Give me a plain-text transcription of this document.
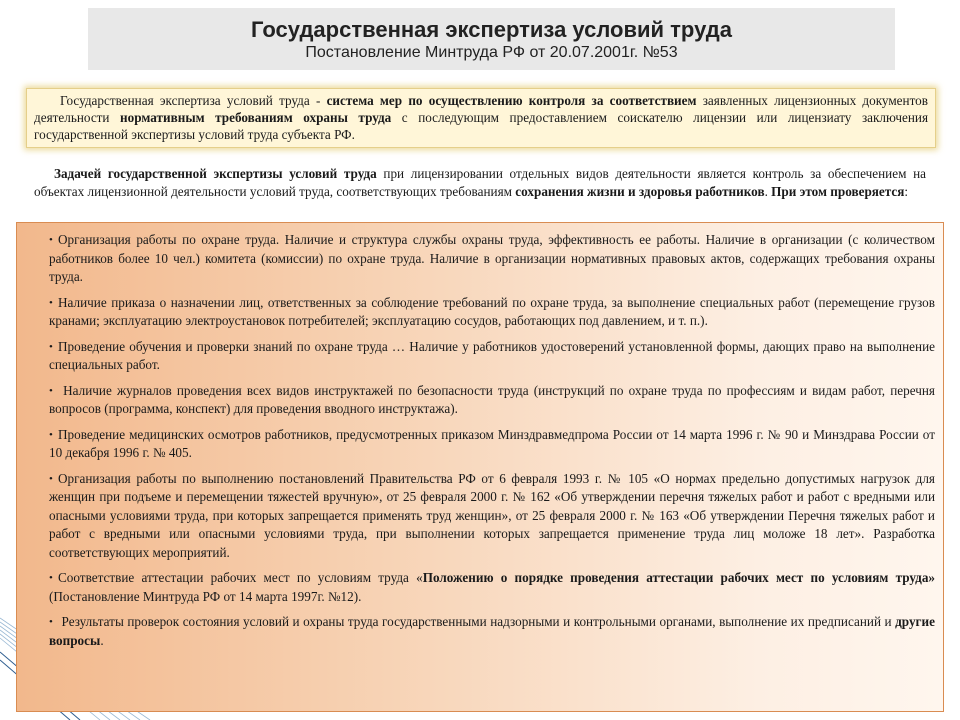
Государственная экспертиза условий труда
Постановление Минтруда РФ от 20.07.2001г. №53
Государственная экспертиза условий труда - система мер по осуществлению контроля за соответствием заявленных лицензионных документов деятельности нормативным требованиям охраны труда с последующим предоставлением соискателю лицензии или лицензиату заключения государственной экспертизы условий труда субъекта РФ.
Задачей государственной экспертизы условий труда при лицензировании отдельных видов деятельности является контроль за обеспечением на объектах лицензионной деятельности условий труда, соответствующих требованиям сохранения жизни и здоровья работников. При этом проверяется:
• Организация работы по охране труда. Наличие и структура службы охраны труда, эффективность ее работы. Наличие в организации (с количеством работников более 10 чел.) комитета (комиссии) по охране труда. Наличие в организации нормативных правовых актов, содержащих требования охраны труда.
• Наличие приказа о назначении лиц, ответственных за соблюдение требований по охране труда, за выполнение специальных работ (перемещение грузов кранами; эксплуатацию электроустановок потребителей; эксплуатацию сосудов, работающих под давлением, и т. п.).
• Проведение обучения и проверки знаний по охране труда … Наличие у работников удостоверений установленной формы, дающих право на выполнение специальных работ.
• Наличие журналов проведения всех видов инструктажей по безопасности труда (инструкций по охране труда по профессиям и видам работ, перечня вопросов (программа, конспект) для проведения вводного инструктажа).
• Проведение медицинских осмотров работников, предусмотренных приказом Минздравмедпрома России от 14 марта 1996 г. № 90 и Минздрава России от 10 декабря 1996 г. № 405.
• Организация работы по выполнению постановлений Правительства РФ от 6 февраля 1993 г. № 105 «О нормах предельно допустимых нагрузок для женщин при подъеме и перемещении тяжестей вручную», от 25 февраля 2000 г. № 162 «Об утверждении перечня тяжелых работ и работ с вредными или опасными условиями труда, при которых запрещается применять труд женщин», от 25 февраля 2000 г. № 163 «Об утверждении Перечня тяжелых работ и работ с вредными или опасными условиями труда, при выполнении которых запрещается применение труда лиц моложе 18 лет». Разработка соответствующих мероприятий.
• Соответствие аттестации рабочих мест по условиям труда «Положению о порядке проведения аттестации рабочих мест по условиям труда» (Постановление Минтруда РФ от 14 марта 1997г. №12).
• Результаты проверок состояния условий и охраны труда государственными надзорными и контрольными органами, выполнение их предписаний и другие вопросы.
